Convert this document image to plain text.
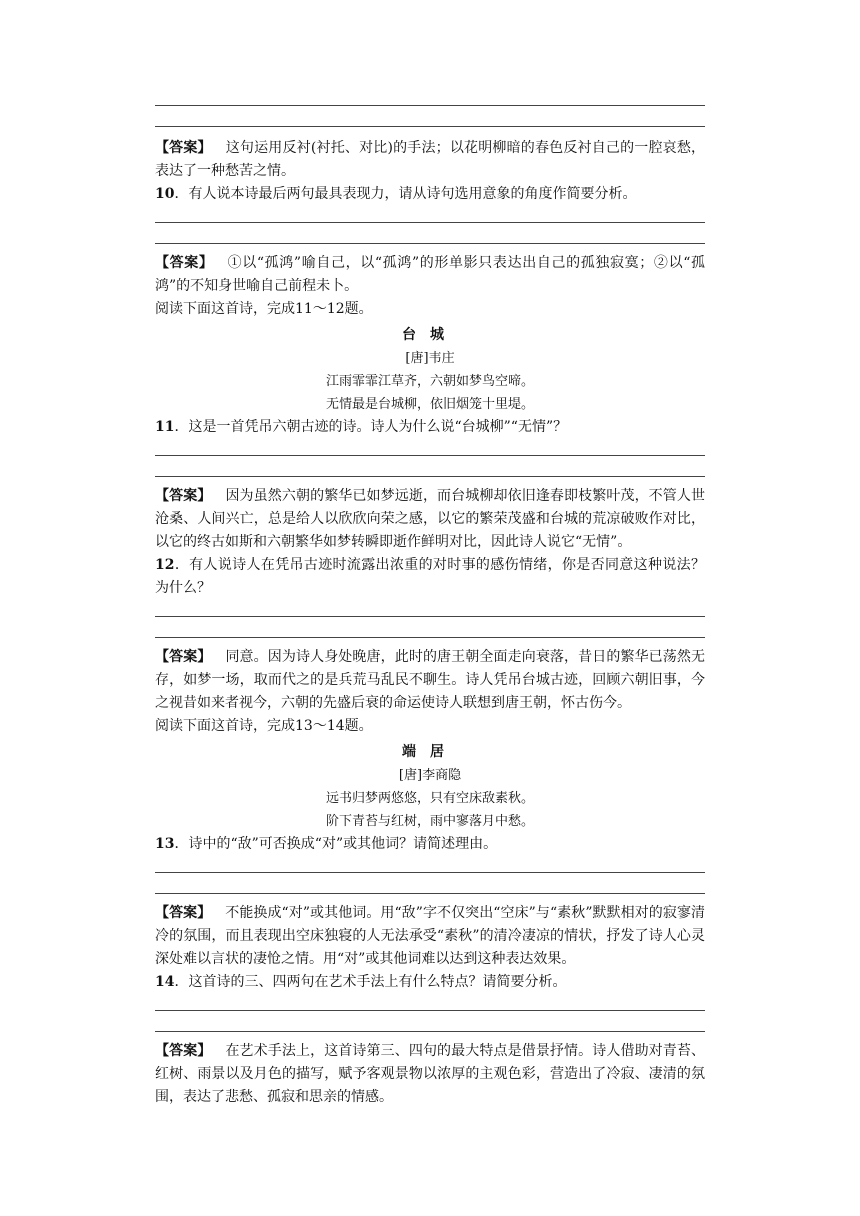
【答案】 这句运用反衬(衬托、对比)的手法；以花明柳暗的春色反衬自己的一腔哀愁，表达了一种愁苦之情。

10．有人说本诗最后两句最具表现力，请从诗句选用意象的角度作简要分析。

【答案】 ①以“孤鸿”喻自己，以“孤鸿”的形单影只表达出自己的孤独寂寞；②以“孤鸿”的不知身世喻自己前程未卜。

阅读下面这首诗，完成11～12题。

台城

[唐]韦庄

江雨霏霏江草齐，六朝如梦鸟空啼。

无情最是台城柳，依旧烟笼十里堤。

11．这是一首凭吊六朝古迹的诗。诗人为什么说“台城柳”“无情”？

【答案】 因为虽然六朝的繁华已如梦远逝，而台城柳却依旧逢春即枝繁叶茂，不管人世沧桑、人间兴亡，总是给人以欣欣向荣之感，以它的繁荣茂盛和台城的荒凉破败作对比，以它的终古如斯和六朝繁华如梦转瞬即逝作鲜明对比，因此诗人说它“无情”。

12．有人说诗人在凭吊古迹时流露出浓重的对时事的感伤情绪，你是否同意这种说法？为什么？

【答案】 同意。因为诗人身处晚唐，此时的唐王朝全面走向衰落，昔日的繁华已荡然无存，如梦一场，取而代之的是兵荒马乱民不聊生。诗人凭吊台城古迹，回顾六朝旧事，今之视昔如来者视今，六朝的先盛后衰的命运使诗人联想到唐王朝，怀古伤今。

阅读下面这首诗，完成13～14题。

端居

[唐]李商隐

远书归梦两悠悠，只有空床敌素秋。

阶下青苔与红树，雨中寥落月中愁。

13．诗中的“敌”可否换成“对”或其他词？请简述理由。

【答案】 不能换成“对”或其他词。用“敌”字不仅突出“空床”与“素秋”默默相对的寂寥清冷的氛围，而且表现出空床独寝的人无法承受“素秋”的清冷凄凉的情状，抒发了诗人心灵深处难以言状的凄怆之情。用“对”或其他词难以达到这种表达效果。

14．这首诗的三、四两句在艺术手法上有什么特点？请简要分析。

【答案】 在艺术手法上，这首诗第三、四句的最大特点是借景抒情。诗人借助对青苔、红树、雨景以及月色的描写，赋予客观景物以浓厚的主观色彩，营造出了冷寂、凄清的氛围，表达了悲愁、孤寂和思亲的情感。
